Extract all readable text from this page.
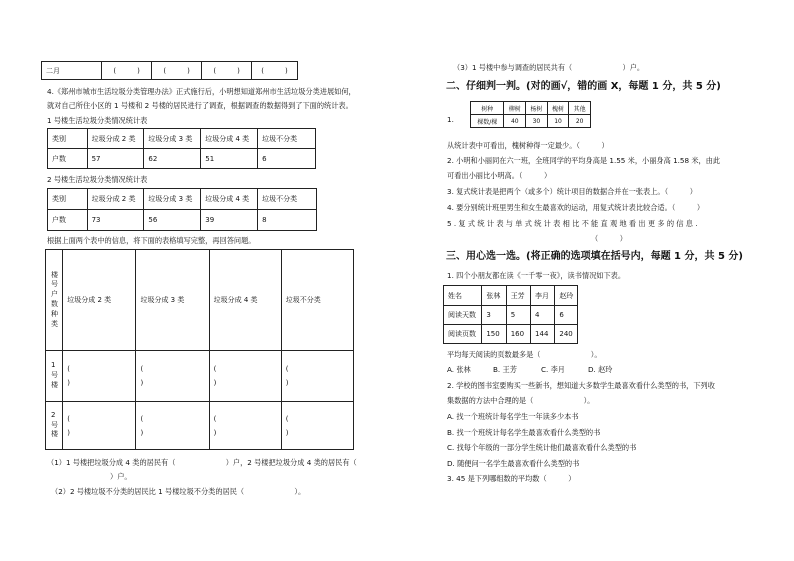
二月	(　　　)	(　　　)	(　　　)	(　　　)
4.《郑州市城市生活垃圾分类管理办法》正式施行后，小明想知道郑州市生活垃圾分类进展如何，
就对自己所住小区的 1 号楼和 2 号楼的居民进行了调查，根据调查的数据得到了下面的统计表。
1 号楼生活垃圾分类情况统计表
类别	垃圾分成 2 类	垃圾分成 3 类	垃圾分成 4 类	垃圾不分类
户数	57	62	51	6
2 号楼生活垃圾分类情况统计表
类别	垃圾分成 2 类	垃圾分成 3 类	垃圾分成 4 类	垃圾不分类
户数	73	56	39	8
根据上面两个表中的信息，将下面的表格填写完整，再回答问题。
楼号户数种类	垃圾分成 2 类	垃圾分成 3 类	垃圾分成 4 类	垃圾不分类
1号楼	(
)	(
)	(
)	(
)
2号楼	(
)	(
)	(
)	(
)
（1）1 号楼把垃圾分成 4 类的居民有（　　　　　　　）户，2 号楼把垃圾分成 4 类的居民有（
）户。
（2）2 号楼垃圾不分类的居民比 1 号楼垃圾不分类的居民（　　　　　　　）。
（3）1 号楼中参与调查的居民共有（　　　　　　　）户。
二、仔细判一判。(对的画√，错的画 X，每题 1 分，共 5 分)
1.
树种	柳树	杨树	槐树	其他
棵数/棵	40	30	10	20
从统计表中可看出，槐树种得一定最少。（　　　）
2. 小明和小丽同在六一班，全班同学的平均身高是 1.55 米，小丽身高 1.58 米，由此
可看出小丽比小明高。（　　　）
3. 复式统计表是把两个（或多个）统计项目的数据合并在一张表上。（　　　）
4. 要分别统计班里男生和女生最喜欢的运动，用复式统计表比较合适。（　　　）
5 . 复 式 统 计 表 与 单 式 统 计 表 相 比 不 能 直 观 地 看 出 更 多 的 信 息 .
（　　　）
三、用心选一选。(将正确的选项填在括号内，每题 1 分，共 5 分)
1. 四个小朋友都在读《一千零一夜》，读书情况如下表。
姓名	张林	王芳	李月	赵玲
阅读天数	3	5	4	6
阅读页数	150	160	144	240
平均每天阅读的页数最多是（　　　　　　　）。
A. 张林	B. 王芳	C. 李月	D. 赵玲
2. 学校的图书室要购买一些新书，想知道大多数学生最喜欢看什么类型的书，下列收
集数据的方法中合理的是（　　　　　　　）。
A. 找一个班统计每名学生一年读多少本书
B. 找一个班统计每名学生最喜欢看什么类型的书
C. 找每个年级的一部分学生统计他们最喜欢看什么类型的书
D. 随便问一名学生最喜欢看什么类型的书
3. 45 是下列哪组数的平均数（　　　）
